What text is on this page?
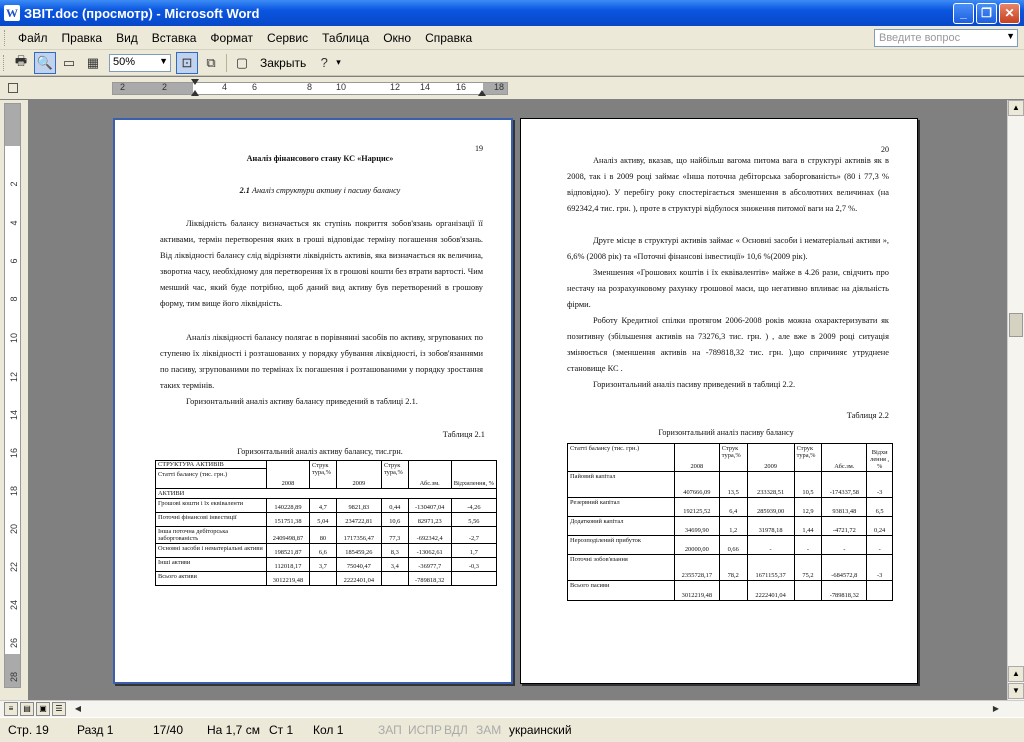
W ЗВІТ.doc (просмотр) - Microsoft Word	_	❐	✕
Файл	Правка	Вид	Вставка	Формат	Сервис	Таблица	Окно	Справка	Введите вопрос	▼
🖶 🔍 ▭ ▦	50%	▼	⊡	⧉	▢ Закрыть	? ▾
2	2	4	6	8	10	12 14	16	18
2
4
6
8
10
12
14
16
18
20
22
24
26
28
19
Аналіз фінансового стану КС «Нарцис»
2.1 Аналіз структури активу і пасиву балансу
Ліквідність балансу визначається як ступінь покриття зобов'язань організації її активами, термін перетворення яких в гроші відповідає терміну погашення зобов'язань. Від ліквідності балансу слід відрізняти ліквідність активів, яка визначається як величина, зворотна часу, необхідному для перетворення їх в грошові кошти без втрати вартості. Чим менший час, який буде потрібно, щоб даний вид активу був перетворений в грошову форму, тим вище його ліквідність.
Аналіз ліквідності балансу полягає в порівнянні засобів по активу, згрупованих по ступеню їх ліквідності і розташованих у порядку убування ліквідності, із зобов'язаннями по пасиву, згрупованими по термінах їх погашення і розташованими у порядку зростання таких термінів.
Горизонтальний аналіз активу балансу приведений в таблиці 2.1.
Таблиця 2.1
Горизонтальний аналіз активу балансу, тис.грн.
СТРУКТУРА АКТИВІВ
Статті балансу (тис. грн.)	2008	Струк тура,%	2009	Струк тура,%	Абс.зм.	Відхилення, %
АКТИВИ						
Грошові кошти і їх еквіваленти	140228,89	4,7	9821,83	0,44	-130407,04	-4,26
Поточні фінансові інвестиції	151751,38	5,04	234722,81	10,6	82971,23	5,56
Інша поточна дебіторська заборгованість	2409498,87	80	1717356,47	77,3	-692342,4	-2,7
Основні засоби і нематеріальні активи	198521,87	6,6	185459,26	8,3	-13062,61	1,7
Інші активи	112018,17	3,7	75040,47	3,4	-36977,7	-0,3
Всього активи	3012219,48		2222401,04		-789818,32	
20
Аналіз активу, вказав, що найбільш вагома питома вага в структурі активів як в 2008, так і в 2009 році займає «Інша поточна дебіторська заборгованість» (80 і 77,3 % відповідно). У перебігу року спостерігається зменшення в абсолютних величинах (на 692342,4 тис. грн. ), проте в структурі відбулося зниження питомої ваги на 2,7 %.
Друге місце в структурі активів займає « Основні засоби і нематеріальні активи », 6,6% (2008 рік) та «Поточні фінансові інвестиції» 10,6 %(2009 рік).
Зменшення «Грошових коштів і їх еквівалентів» майже в 4.26 рази, свідчить про нестачу на розрахунковому рахунку грошової маси, що негативно впливає на діяльність фірми.
Роботу Кредитної спілки протягом 2006-2008 років можна охарактеризувати як позитивну (збільшення активів на 73276,3 тис. грн. ) , але вже в 2009 році ситуація змінюється (зменшення активів на -789818,32 тис. грн. ),що спричиняє утруднене становище КС .
Горизонтальний аналіз пасиву приведений в таблиці 2.2.
Таблиця 2.2
Горизонтальний аналіз пасиву балансу
Статті балансу (тис. грн.)	2008	Струк тура,%	2009	Струк тура,%	Абс.зм.	Відхи лення , %
Пайовий капітал	407666,09	13,5	233328,51	10,5	-174337,58	-3
Резервний капітал	192125,52	6,4	285939,00	12,9	93813,48	6,5
Додатковий капітал	34699,90	1,2	31978,18	1,44	-4721,72	0,24
Нерозподілений прибуток	20000,00	0,66	-	-	-	-
Поточні зобов'язання	2355728,17	78,2	1671155,37	75,2	-684572,8	-3
Всього пасиви	3012219,48		2222401,04		-789818,32	
▲
▲
▼
≡	▤	▣	☰	◀	▶
Стр. 19 Разд 1	17/40 На 1,7 см Ст 1 Кол 1	ЗАП ИСПР ВДЛ ЗАМ украинский
